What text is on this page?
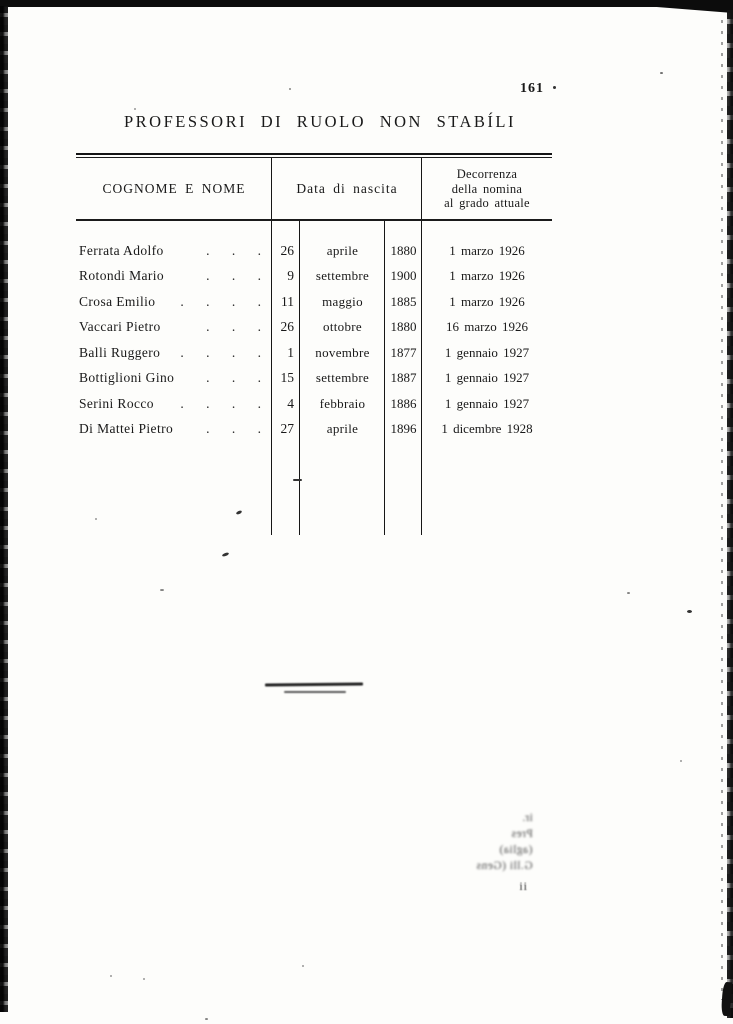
161
PROFESSORI DI RUOLO NON STABÍLI
COGNOME E NOME	Data di nascita
Decorrenza
della nomina
al grado attuale
Ferrata Adolfo	. . .	26	aprile	1880	1 marzo 1926
Rotondi Mario	. . .	9	settembre	1900	1 marzo 1926
Crosa Emilio . . . .	11	maggio	1885	1 marzo 1926
Vaccari Pietro	. . .	26	ottobre	1880	16 marzo 1926
Balli Ruggero . . . .	1	novembre	1877	1 gennaio 1927
Bottiglioni Gino . . .	15	settembre	1887	1 gennaio 1927
Serini Rocco . . . .	4	febbraio	1886	1 gennaio 1927
Di Mattei Pietro . . .	27	aprile	1896	1 dicembre 1928
ir.
Pres
(aglia)
G.lli (Gens
ii
